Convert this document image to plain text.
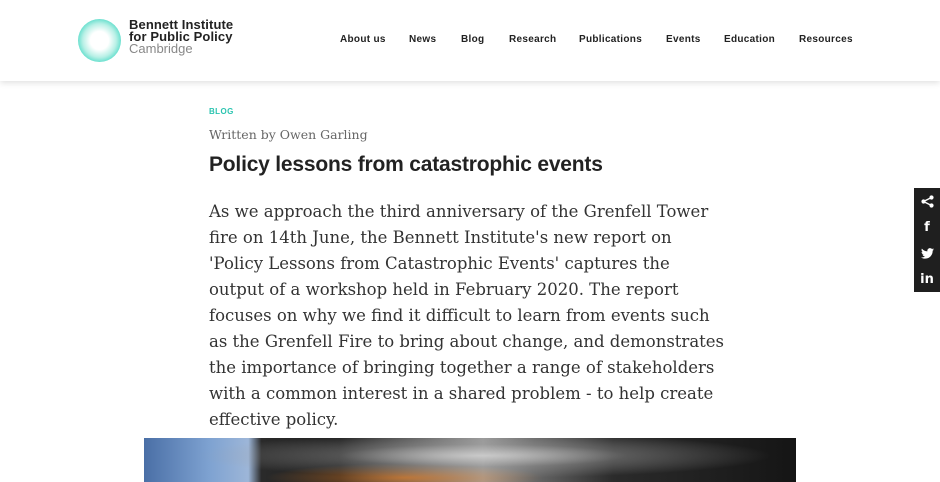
Bennett Institute
for Public Policy
Cambridge
About us News Blog Research Publications Events Education Resources
BLOG
Written by Owen Garling
Policy lessons from catastrophic events

As we approach the third anniversary of the Grenfell Tower fire on 14th June, the Bennett Institute's new report on 'Policy Lessons from Catastrophic Events' captures the output of a workshop held in February 2020. The report focuses on why we find it difficult to learn from events such as the Grenfell Fire to bring about change, and demonstrates the importance of bringing together a range of stakeholders with a common interest in a shared problem - to help create effective policy.

f
in
